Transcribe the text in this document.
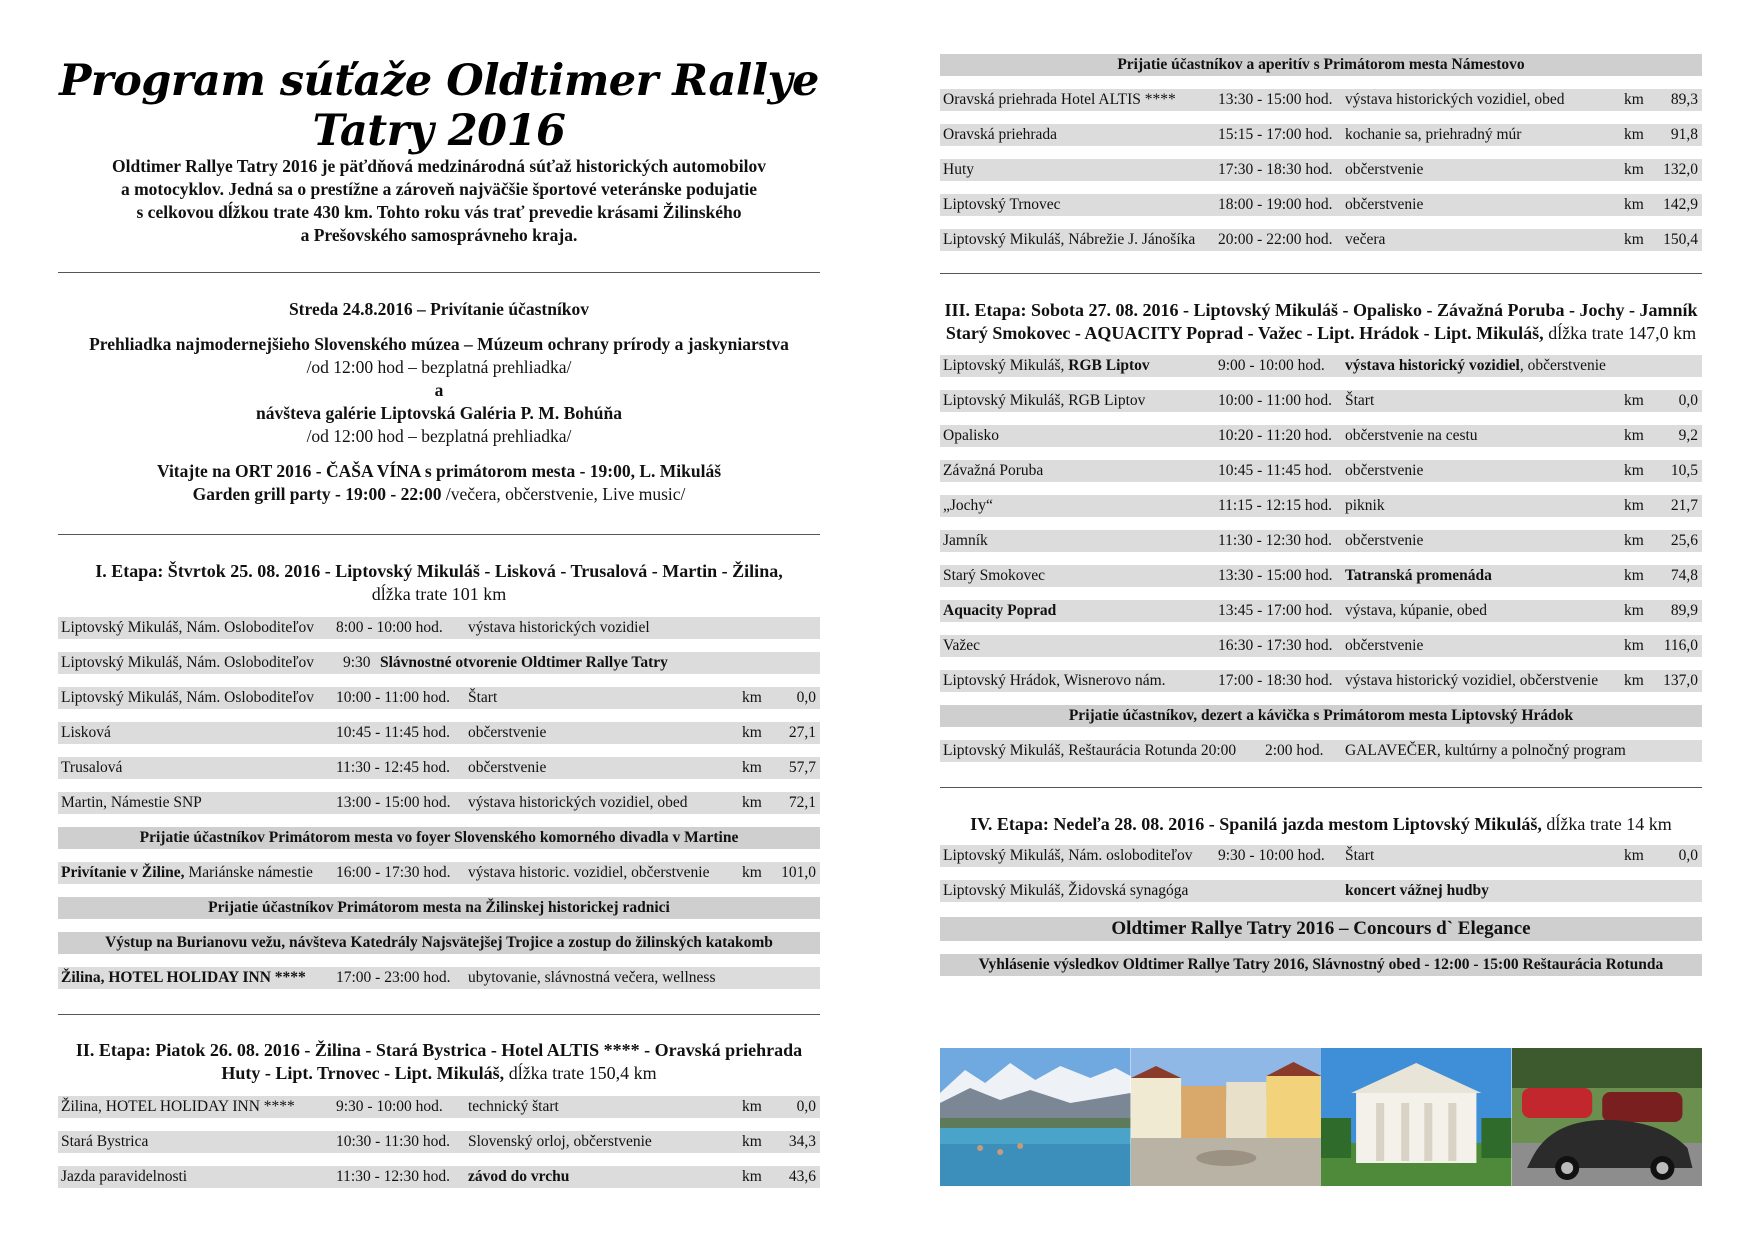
Program súťaže Oldtimer Rallye Tatry 2016
Oldtimer Rallye Tatry 2016 je päťdňová medzinárodná súťaž historických automobilov
a motocyklov. Jedná sa o prestížne a zároveň najväčšie športové veteránske podujatie
s celkovou dĺžkou trate 430 km. Tohto roku vás trať prevedie krásami Žilinského
a Prešovského samosprávneho kraja.
Streda 24.8.2016 – Privítanie účastníkov
Prehliadka najmodernejšieho Slovenského múzea – Múzeum ochrany prírody a jaskyniarstva
/od 12:00 hod – bezplatná prehliadka/
a
návšteva galérie Liptovská Galéria P. M. Bohúňa
/od 12:00 hod – bezplatná prehliadka/
Vitajte na ORT 2016 - ČAŠA VÍNA s primátorom mesta - 19:00, L. Mikuláš
Garden grill party - 19:00 - 22:00 /večera, občerstvenie, Live music/
I. Etapa: Štvrtok 25. 08. 2016 - Liptovský Mikuláš - Lisková - Trusalová - Martin - Žilina,
dĺžka trate 101 km
Liptovský Mikuláš, Nám. Osloboditeľov 8:00 - 10:00 hod. výstava historických vozidiel
Liptovský Mikuláš, Nám. Osloboditeľov 9:30 Slávnostné otvorenie Oldtimer Rallye Tatry
Liptovský Mikuláš, Nám. Osloboditeľov 10:00 - 11:00 hod. Štart	km	0,0
Lisková	10:45 - 11:45 hod. občerstvenie	km	27,1
Trusalová	11:30 - 12:45 hod. občerstvenie	km	57,7
Martin, Námestie SNP	13:00 - 15:00 hod. výstava historických vozidiel, obed	km	72,1
Prijatie účastníkov Primátorom mesta vo foyer Slovenského komorného divadla v Martine
Privítanie v Žiline, Mariánske námestie 16:00 - 17:30 hod. výstava historic. vozidiel, občerstvenie km	101,0
Prijatie účastníkov Primátorom mesta na Žilinskej historickej radnici
Výstup na Burianovu vežu, návšteva Katedrály Najsvätejšej Trojice a zostup do žilinských katakomb
Žilina, HOTEL HOLIDAY INN **** 17:00 - 23:00 hod. ubytovanie, slávnostná večera, wellness
II. Etapa: Piatok 26. 08. 2016 - Žilina - Stará Bystrica - Hotel ALTIS **** - Oravská priehrada
Huty - Lipt. Trnovec - Lipt. Mikuláš, dĺžka trate 150,4 km
Žilina, HOTEL HOLIDAY INN ****	9:30 - 10:00 hod. technický štart	km	0,0
Stará Bystrica	10:30 - 11:30 hod. Slovenský orloj, občerstvenie	km	34,3
Jazda paravidelnosti	11:30 - 12:30 hod. závod do vrchu	km	43,6
Prijatie účastníkov a aperitív s Primátorom mesta Námestovo
Oravská priehrada Hotel ALTIS ****	13:30 - 15:00 hod. výstava historických vozidiel, obed	km	89,3
Oravská priehrada	15:15 - 17:00 hod. kochanie sa, priehradný múr	km	91,8
Huty	17:30 - 18:30 hod. občerstvenie	km	132,0
Liptovský Trnovec	18:00 - 19:00 hod. občerstvenie	km	142,9
Liptovský Mikuláš, Nábrežie J. Jánošíka 20:00 - 22:00 hod. večera	km	150,4
III. Etapa: Sobota 27. 08. 2016 - Liptovský Mikuláš - Opalisko - Závažná Poruba - Jochy - Jamník
Starý Smokovec - AQUACITY Poprad - Važec - Lipt. Hrádok - Lipt. Mikuláš, dĺžka trate 147,0 km
Liptovský Mikuláš, RGB Liptov	9:00 - 10:00 hod. výstava historický vozidiel, občerstvenie
Liptovský Mikuláš, RGB Liptov	10:00 - 11:00 hod. Štart	km	0,0
Opalisko	10:20 - 11:20 hod. občerstvenie na cestu	km	9,2
Závažná Poruba	10:45 - 11:45 hod. občerstvenie	km	10,5
„Jochy“	11:15 - 12:15 hod. piknik	km	21,7
Jamník	11:30 - 12:30 hod. občerstvenie	km	25,6
Starý Smokovec	13:30 - 15:00 hod. Tatranská promenáda	km	74,8
Aquacity Poprad	13:45 - 17:00 hod. výstava, kúpanie, obed	km	89,9
Važec	16:30 - 17:30 hod. občerstvenie	km	116,0
Liptovský Hrádok, Wisnerovo nám.	17:00 - 18:30 hod. výstava historický vozidiel, občerstvenie km	137,0
Prijatie účastníkov, dezert a kávička s Primátorom mesta Liptovský Hrádok
Liptovský Mikuláš, Reštaurácia Rotunda 20:00 2:00 hod. GALAVEČER, kultúrny a polnočný program
IV. Etapa: Nedeľa 28. 08. 2016 - Spanilá jazda mestom Liptovský Mikuláš, dĺžka trate 14 km
Liptovský Mikuláš, Nám. osloboditeľov 9:30 - 10:00 hod. Štart	km	0,0
Liptovský Mikuláš, Židovská synagóga	koncert vážnej hudby
Oldtimer Rallye Tatry 2016 – Concours d` Elegance
Vyhlásenie výsledkov Oldtimer Rallye Tatry 2016, Slávnostný obed - 12:00 - 15:00 Reštaurácia Rotunda
